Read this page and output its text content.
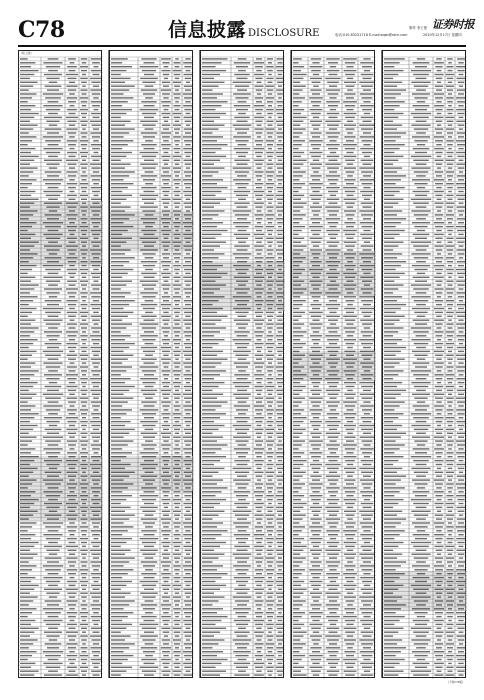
C78	信息披露 DISCLOSURE	电话:010-83251716 E-mail:zqsb@stcn.com
制作 李王曼 证券时报
2020年12月17日 星期四
(续上版)
(下转C79版)
